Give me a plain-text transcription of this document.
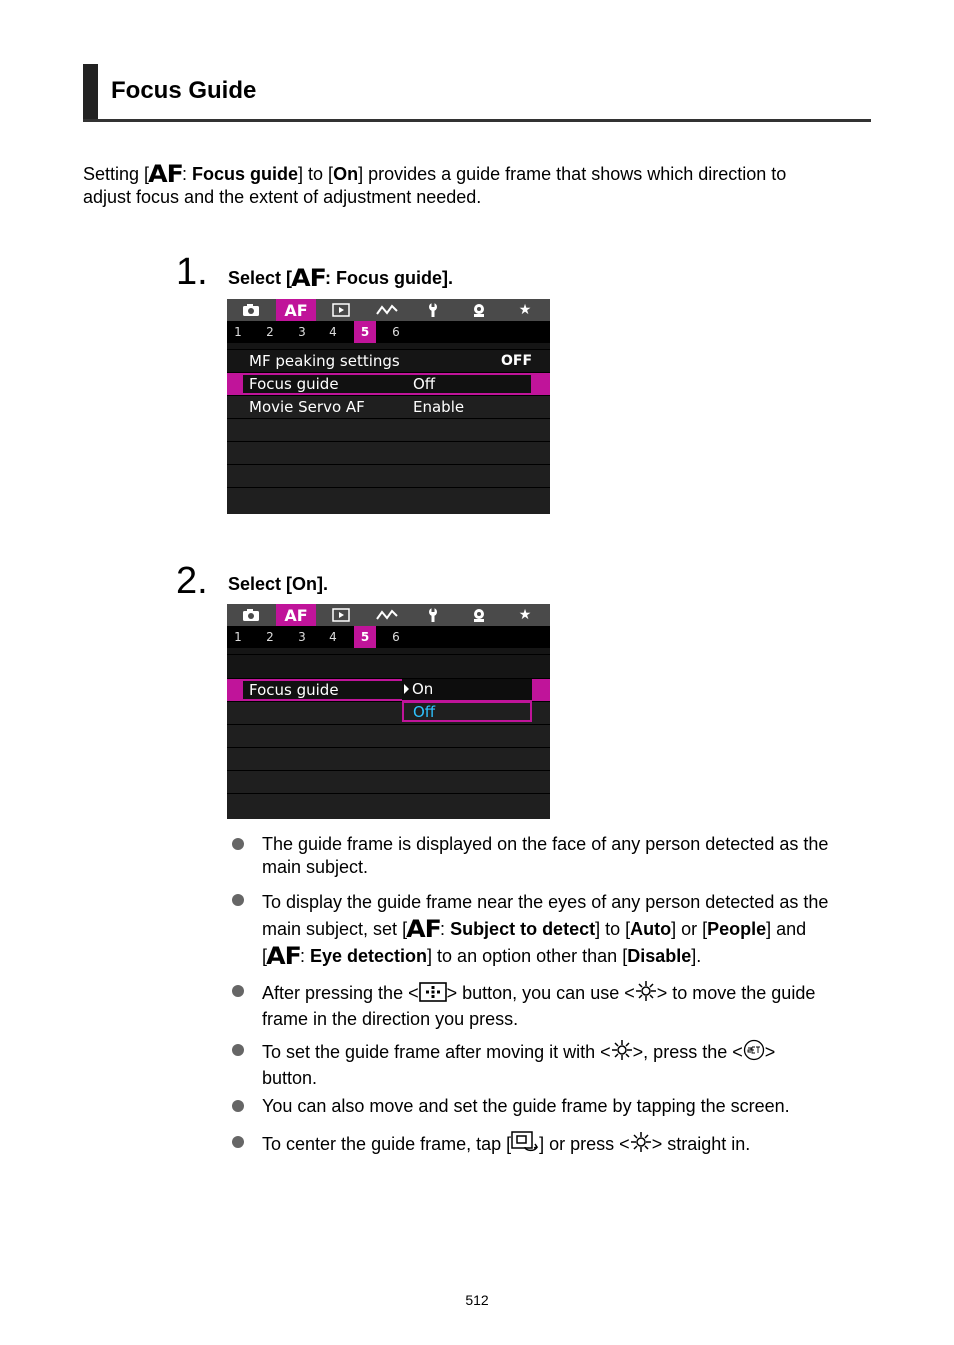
Focus Guide
Setting [AF: Focus guide] to [On] provides a guide frame that shows which direction to
adjust focus and the extent of adjustment needed.
1. Select [AF: Focus guide].
AF	★
1	2	3	4	5	6
MF peaking settings	OFF
Focus guide	Off
Movie Servo AF	Enable
2. Select [On].
AF	★
1	2	3	4	5	6
Focus guide	On
Off
The guide frame is displayed on the face of any person detected as the
main subject.
To display the guide frame near the eyes of any person detected as the
main subject, set [AF: Subject to detect] to [Auto] or [People] and
[AF: Eye detection] to an option other than [Disable].
After pressing the < > button, you can use < > to move the guide
frame in the direction you press.
To set the guide frame after moving it with < >, press the < >
button.
You can also move and set the guide frame by tapping the screen.
To center the guide frame, tap [ ] or press < > straight in.
512
